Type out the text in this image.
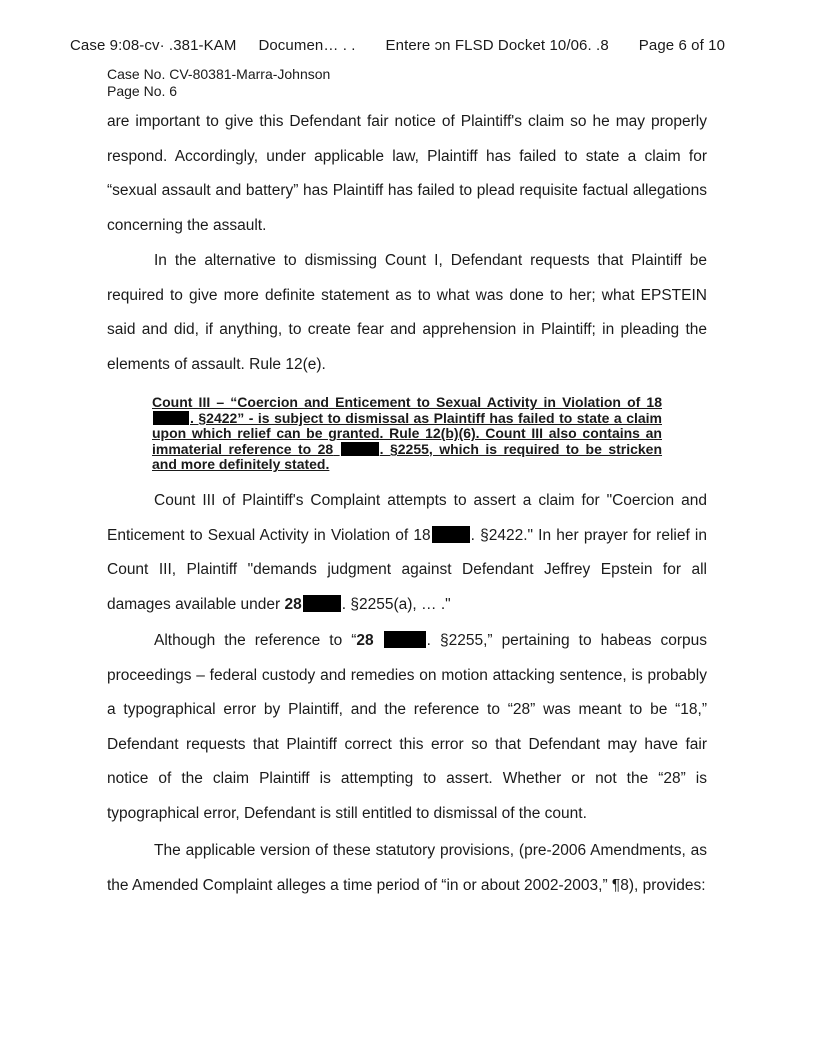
Case 9:08-cv· .381-KAM Documen… . . Entere ɔn FLSD Docket 10/06. .8 Page 6 of 10
Case No. CV-80381-Marra-Johnson
Page No. 6
are important to give this Defendant fair notice of Plaintiff's claim so he may properly respond. Accordingly, under applicable law, Plaintiff has failed to state a claim for “sexual assault and battery” has Plaintiff has failed to plead requisite factual allegations concerning the assault.
In the alternative to dismissing Count I, Defendant requests that Plaintiff be required to give more definite statement as to what was done to her; what EPSTEIN said and did, if anything, to create fear and apprehension in Plaintiff; in pleading the elements of assault. Rule 12(e).
Count III – “Coercion and Enticement to Sexual Activity in Violation of 18 . §2422” - is subject to dismissal as Plaintiff has failed to state a claim upon which relief can be granted. Rule 12(b)(6). Count III also contains an immaterial reference to 28	. §2255, which is required to be stricken and more definitely stated.
Count III of Plaintiff's Complaint attempts to assert a claim for "Coercion and Enticement to Sexual Activity in Violation of 18	. §2422." In her prayer for relief in Count III, Plaintiff "demands judgment against Defendant Jeffrey Epstein for all damages available under 28	. §2255(a), … ."
Although the reference to “28	. §2255,” pertaining to habeas corpus proceedings – federal custody and remedies on motion attacking sentence, is probably a typographical error by Plaintiff, and the reference to “28” was meant to be “18,” Defendant requests that Plaintiff correct this error so that Defendant may have fair notice of the claim Plaintiff is attempting to assert. Whether or not the “28” is typographical error, Defendant is still entitled to dismissal of the count.
The applicable version of these statutory provisions, (pre-2006 Amendments, as the Amended Complaint alleges a time period of “in or about 2002-2003,” ¶8), provides:
